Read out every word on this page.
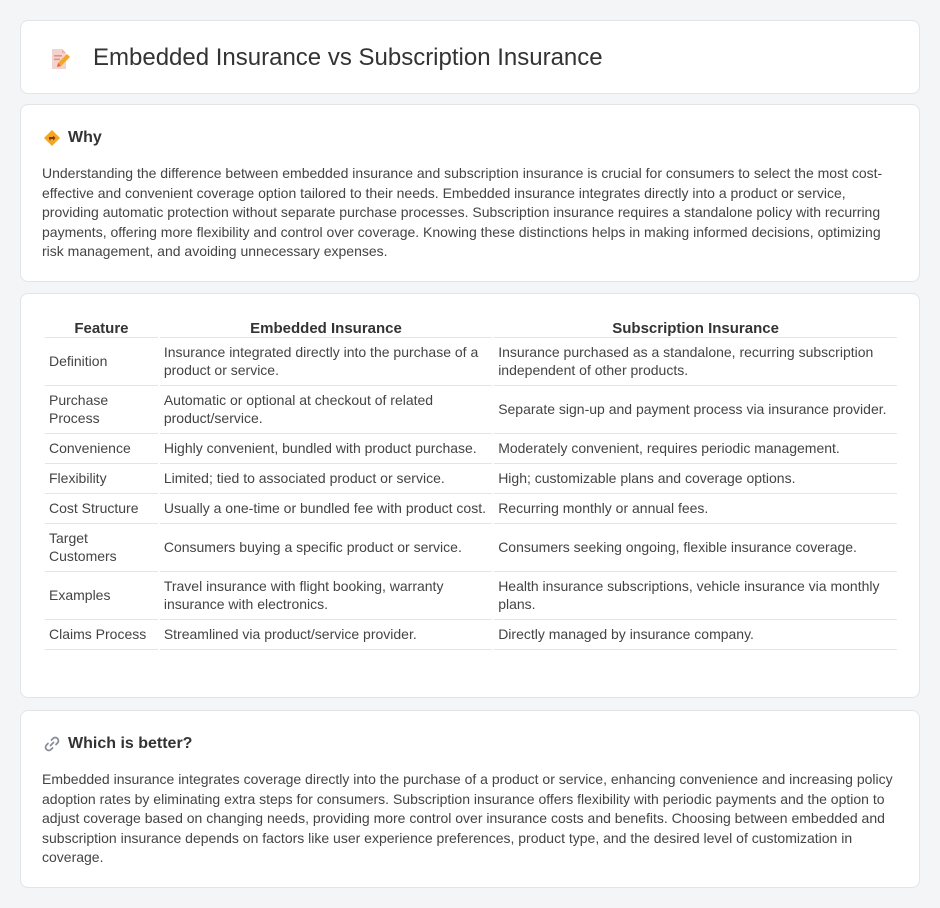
Embedded Insurance vs Subscription Insurance
Why

Understanding the difference between embedded insurance and subscription insurance is crucial for consumers to select the most cost-effective and convenient coverage option tailored to their needs. Embedded insurance integrates directly into a product or service, providing automatic protection without separate purchase processes. Subscription insurance requires a standalone policy with recurring payments, offering more flexibility and control over coverage. Knowing these distinctions helps in making informed decisions, optimizing risk management, and avoiding unnecessary expenses.

Feature	Embedded Insurance	Subscription Insurance
Definition	Insurance integrated directly into the purchase of a product or service.	Insurance purchased as a standalone, recurring subscription independent of other products.
Purchase Process	Automatic or optional at checkout of related product/service.	Separate sign-up and payment process via insurance provider.
Convenience	Highly convenient, bundled with product purchase.	Moderately convenient, requires periodic management.
Flexibility	Limited; tied to associated product or service.	High; customizable plans and coverage options.
Cost Structure	Usually a one-time or bundled fee with product cost.	Recurring monthly or annual fees.
Target Customers	Consumers buying a specific product or service.	Consumers seeking ongoing, flexible insurance coverage.
Examples	Travel insurance with flight booking, warranty insurance with electronics.	Health insurance subscriptions, vehicle insurance via monthly plans.
Claims Process	Streamlined via product/service provider.	Directly managed by insurance company.
Which is better?

Embedded insurance integrates coverage directly into the purchase of a product or service, enhancing convenience and increasing policy adoption rates by eliminating extra steps for consumers. Subscription insurance offers flexibility with periodic payments and the option to adjust coverage based on changing needs, providing more control over insurance costs and benefits. Choosing between embedded and subscription insurance depends on factors like user experience preferences, product type, and the desired level of customization in coverage.
